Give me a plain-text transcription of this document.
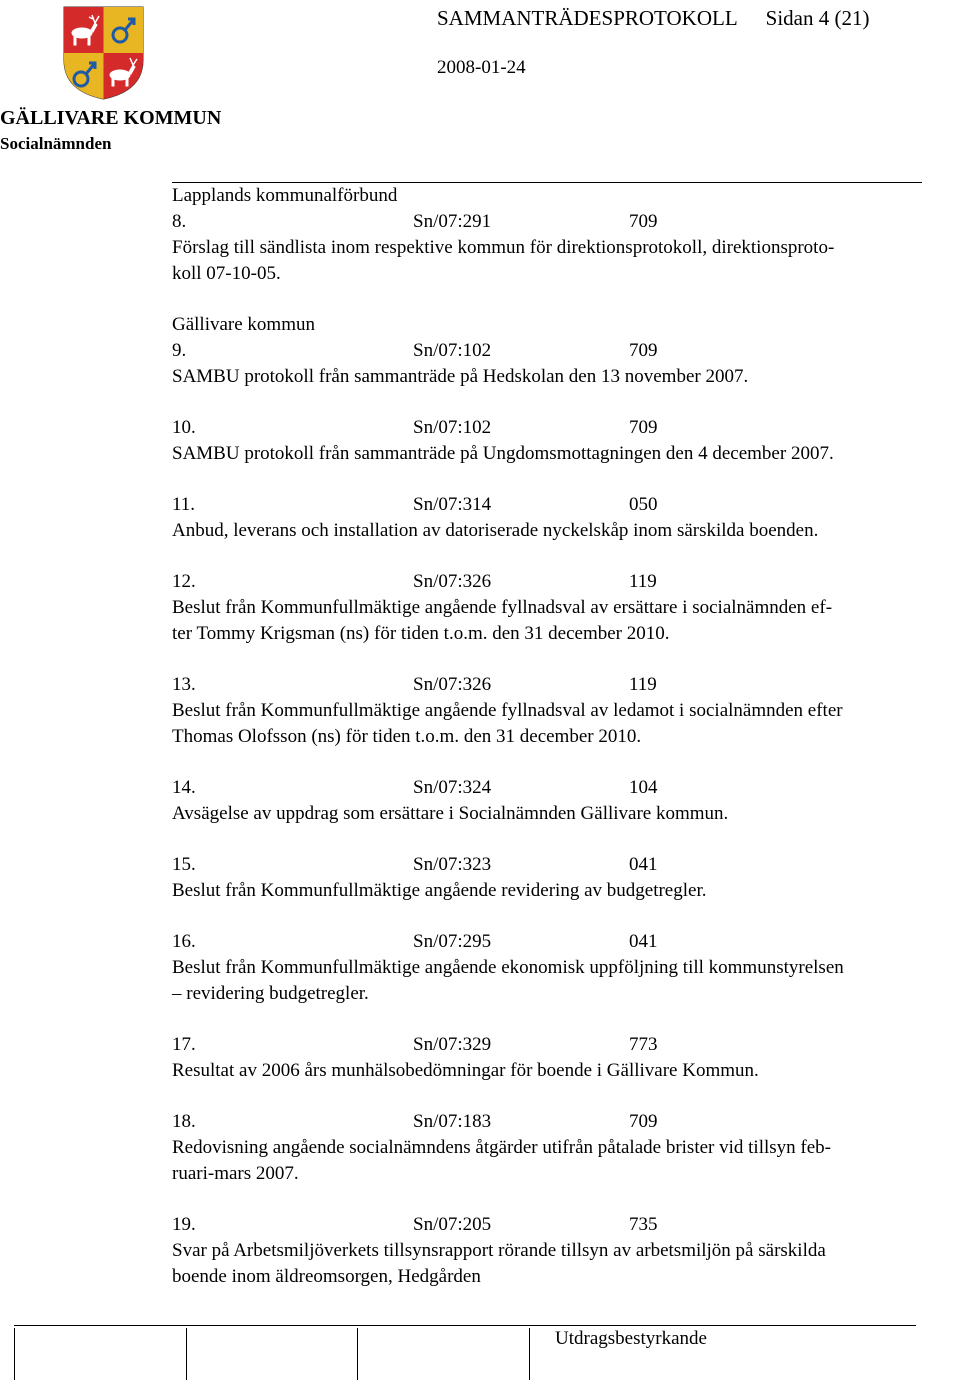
SAMMANTRÄDESPROTOKOLL Sidan 4 (21)
2008-01-24
GÄLLIVARE KOMMUN
Socialnämnden
Lapplands kommunalförbund
8.	Sn/07:291	709
Förslag till sändlista inom respektive kommun för direktionsprotokoll, direktionsproto-
koll 07-10-05.
Gällivare kommun
9.	Sn/07:102	709
SAMBU protokoll från sammanträde på Hedskolan den 13 november 2007.
10.	Sn/07:102	709
SAMBU protokoll från sammanträde på Ungdomsmottagningen den 4 december 2007.
11.	Sn/07:314	050
Anbud, leverans och installation av datoriserade nyckelskåp inom särskilda boenden.
12.	Sn/07:326	119
Beslut från Kommunfullmäktige angående fyllnadsval av ersättare i socialnämnden ef-
ter Tommy Krigsman (ns) för tiden t.o.m. den 31 december 2010.
13.	Sn/07:326	119
Beslut från Kommunfullmäktige angående fyllnadsval av ledamot i socialnämnden efter
Thomas Olofsson (ns) för tiden t.o.m. den 31 december 2010.
14.	Sn/07:324	104
Avsägelse av uppdrag som ersättare i Socialnämnden Gällivare kommun.
15.	Sn/07:323	041
Beslut från Kommunfullmäktige angående revidering av budgetregler.
16.	Sn/07:295	041
Beslut från Kommunfullmäktige angående ekonomisk uppföljning till kommunstyrelsen
– revidering budgetregler.
17.	Sn/07:329	773
Resultat av 2006 års munhälsobedömningar för boende i Gällivare Kommun.
18.	Sn/07:183	709
Redovisning angående socialnämndens åtgärder utifrån påtalade brister vid tillsyn feb-
ruari-mars 2007.
19.	Sn/07:205	735
Svar på Arbetsmiljöverkets tillsynsrapport rörande tillsyn av arbetsmiljön på särskilda
boende inom äldreomsorgen, Hedgården
Utdragsbestyrkande
